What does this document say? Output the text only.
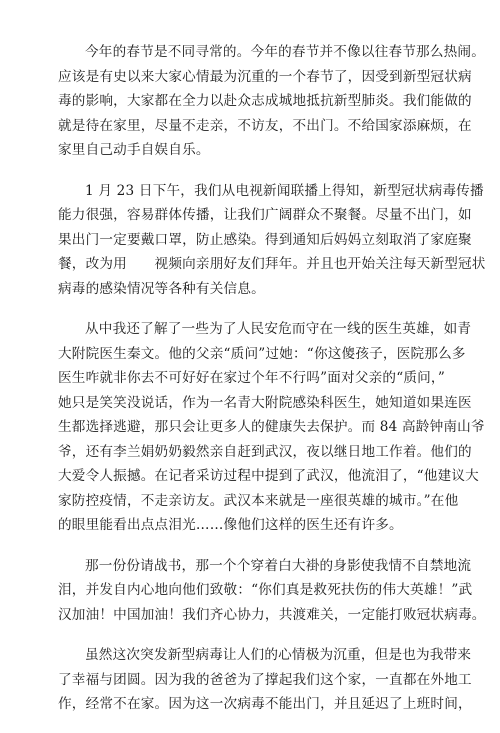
今年的春节是不同寻常的。今年的春节并不像以往春节那么热闹。
应该是有史以来大家心情最为沉重的一个春节了，因受到新型冠状病
毒的影响，大家都在全力以赴众志成城地抵抗新型肺炎。我们能做的
就是待在家里，尽量不走亲，不访友，不出门。不给国家添麻烦，在
家里自己动手自娱自乐。

1 月 23 日下午，我们从电视新闻联播上得知，新型冠状病毒传播
能力很强，容易群体传播，让我们广阔群众不聚餐。尽量不出门，如
果出门一定要戴口罩，防止感染。得到通知后妈妈立刻取消了家庭聚
餐，改为用　　视频向亲朋好友们拜年。并且也开始关注每天新型冠状
病毒的感染情况等各种有关信息。

从中我还了解了一些为了人民安危而守在一线的医生英雄，如青
大附院医生秦文。他的父亲“质问”过她：“你这傻孩子，医院那么多
医生咋就非你去不可好好在家过个年不行吗”面对父亲的“质问，”
她只是笑笑没说话，作为一名青大附院感染科医生，她知道如果连医
生都选择逃避，那只会让更多人的健康失去保护。而 84 高龄钟南山爷
爷，还有李兰娟奶奶毅然亲自赶到武汉，夜以继日地工作着。他们的
大爱令人振撼。在记者采访过程中提到了武汉，他流泪了，“他建议大
家防控疫情，不走亲访友。武汉本来就是一座很英雄的城市。”在他
的眼里能看出点点泪光……像他们这样的医生还有许多。

那一份份请战书，那一个个穿着白大褂的身影使我情不自禁地流
泪，并发自内心地向他们致敬：“你们真是救死扶伤的伟大英雄！”武
汉加油！中国加油！我们齐心协力，共渡难关，一定能打败冠状病毒。

虽然这次突发新型病毒让人们的心情极为沉重，但是也为我带来
了幸福与团圆。因为我的爸爸为了撑起我们这个家，一直都在外地工
作，经常不在家。因为这一次病毒不能出门，并且延迟了上班时间，
